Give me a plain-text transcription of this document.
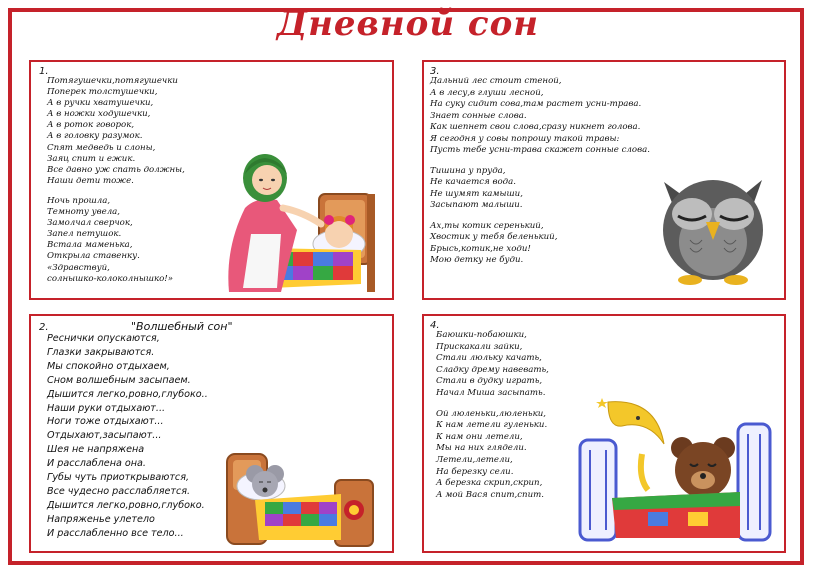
Дневной сон
1.
Потягушечки,потягушечки
Поперек толстушечки,
А в ручки хватушечки,
А в ножки ходушечки,
А в роток говорок,
А в головку разумок.
Спят медведь и слоны,
Заяц спит и ежик.
Все давно уж спать должны,
Наши дети тоже.
Ночь прошла,
Темноту увела,
Замолчал сверчок,
Запел петушок.
Встала маменька,
Открыла ставенку.
«Здравствуй,
солнышко-колоколнышко!»
3.
Дальний лес стоит стеной,
А в лесу,в глуши лесной,
На суку сидит сова,там растет усни-трава.
Знает сонные слова.
Как шепнет свои слова,сразу никнет голова.
Я сегодня у совы попрошу такой травы:
Пусть тебе усни-трава скажет сонные слова.
Тишина у пруда,
Не качается вода.
Не шумят камыши,
Засыпают малыши.
Ах,ты котик серенький,
Хвостик у тебя беленький,
Брысь,котик,не ходи!
Мою детку не буди.
2.	"Волшебный сон"
Реснички опускаются,
Глазки закрываются.
Мы спокойно отдыхаем,
Сном волшебным засыпаем.
Дышится легко,ровно,глубоко..
Наши руки отдыхают...
Ноги тоже отдыхают...
Отдыхают,засыпают...
Шея не напряжена
И расслаблена она.
Губы чуть приоткрываются,
Все чудесно расслабляется.
Дышится легко,ровно,глубоко.
Напряженье улетело
И расслабленно все тело...
4.
Баюшки-побаюшки,
Прискакали зайки,
Стали люльку качать,
Сладку дрему навевать,
Стали в дудку играть,
Начал Миша засыпать.
Ой люленьки,люленьки,
К нам летели гуленьки.
К нам они летели,
Мы на них глядели.
Летели,летели,
На березку сели.
А березка скрип,скрип,
А мой Вася спит,спит.
